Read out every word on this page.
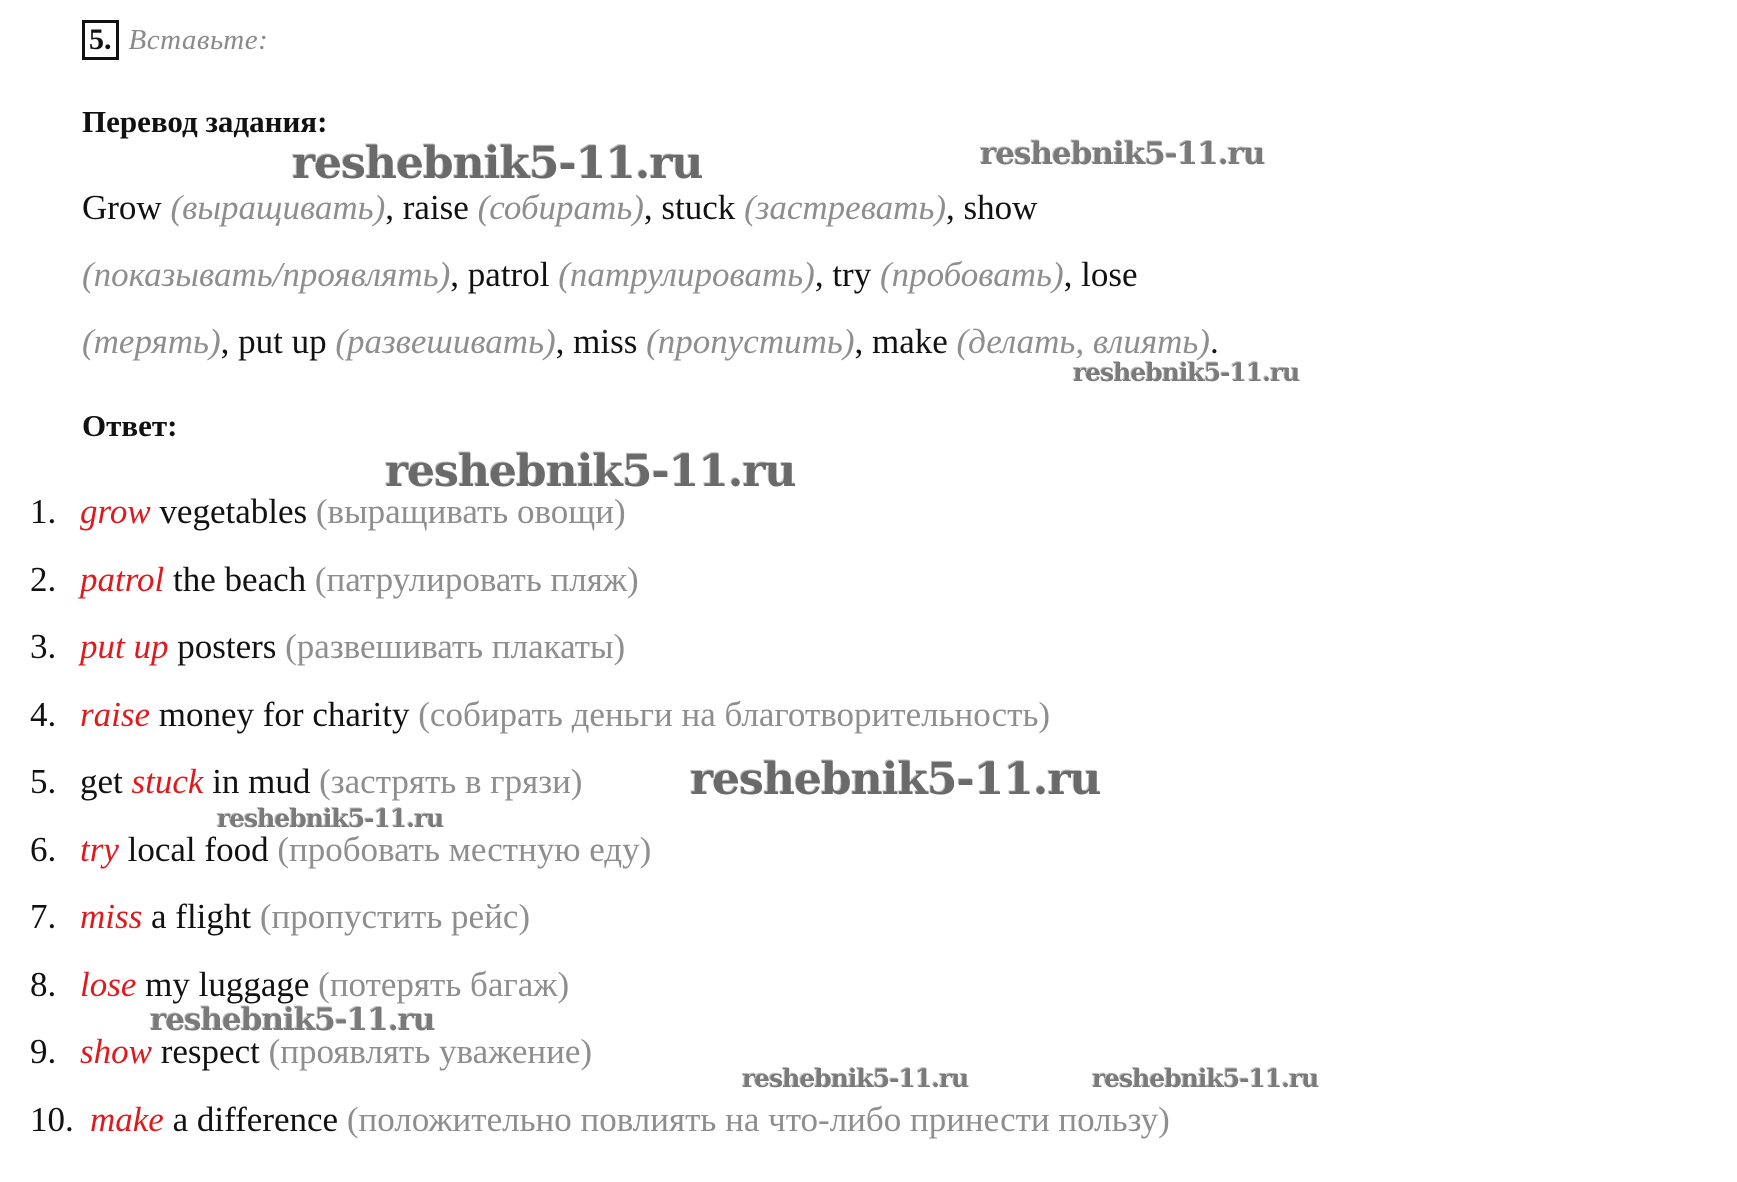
5. Вставьте:
Перевод задания:
Grow (выращивать), raise (собирать), stuck (застревать), show
(показывать/проявлять), patrol (патрулировать), try (пробовать), lose
(терять), put up (развешивать), miss (пропустить), make (делать, влиять).
Ответ:
1. grow vegetables (выращивать овощи)
2. patrol the beach (патрулировать пляж)
3. put up posters (развешивать плакаты)
4. raise money for charity (собирать деньги на благотворительность)
5. get stuck in mud (застрять в грязи)
6. try local food (пробовать местную еду)
7. miss a flight (пропустить рейс)
8. lose my luggage (потерять багаж)
9. show respect (проявлять уважение)
10. make a difference (положительно повлиять на что-либо принести пользу)
reshebnik5-11.ru	reshebnik5-11.ru
reshebnik5-11.ru
reshebnik5-11.ru
reshebnik5-11.ru
reshebnik5-11.ru
reshebnik5-11.ru
reshebnik5-11.ru	reshebnik5-11.ru
